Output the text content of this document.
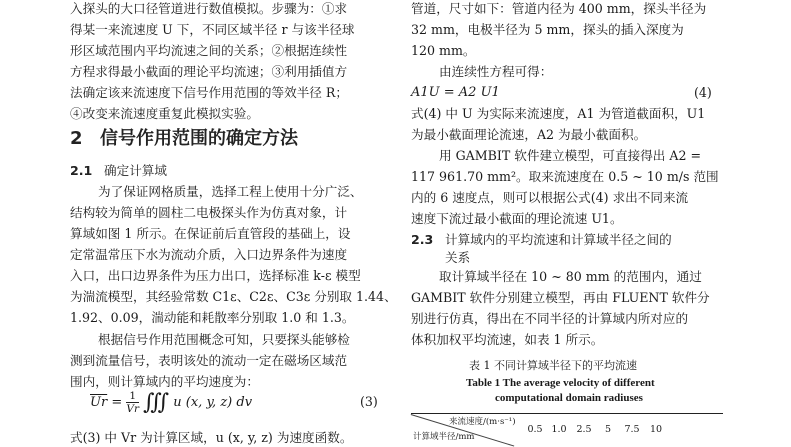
入探头的大口径管道进行数值模拟。步骤为：①求
得某一来流速度 U 下，不同区域半径 r 与该半径球
形区域范围内平均流速之间的关系；②根据连续性
方程求得最小截面的理论平均流速；③利用插值方
法确定该来流速度下信号作用范围的等效半径 R；
④改变来流速度重复此模拟实验。
2 信号作用范围的确定方法
2.1 确定计算域
为了保证网格质量，选择工程上使用十分广泛、
结构较为简单的圆柱二电极探头作为仿真对象，计
算域如图 1 所示。在保证前后直管段的基础上，设
定常温常压下水为流动介质，入口边界条件为速度
入口，出口边界条件为压力出口，选择标准 k-ε 模型
为湍流模型，其经验常数 C1ε、C2ε、C3ε 分别取 1.44、
1.92、0.09，湍动能和耗散率分别取 1.0 和 1.3。
根据信号作用范围概念可知，只要探头能够检
测到流量信号，表明该处的流动一定在磁场区域范
围内，则计算域内的平均速度为：
$\overline{Ur} = \frac{1}{Vr}$ ∭ u (x, y, z) dv	(3)
式(3) 中 Vr 为计算区域，u (x, y, z) 为速度函数。
管道，尺寸如下：管道内径为 400 mm，探头半径为
32 mm，电极半径为 5 mm，探头的插入深度为
120 mm。
由连续性方程可得：
A1U = A2 U1	(4)
式(4) 中 U 为实际来流速度，A1 为管道截面积，U1
为最小截面理论流速，A2 为最小截面积。
用 GAMBIT 软件建立模型，可直接得出 A2 =
117 961.70 mm²。取来流速度在 0.5 ~ 10 m/s 范围
内的 6 速度点，则可以根据公式(4) 求出不同来流
速度下流过最小截面的理论流速 U1。
2.3 计算域内的平均流速和计算域半径之间的
关系
取计算域半径在 10 ~ 80 mm 的范围内，通过
GAMBIT 软件分别建立模型，再由 FLUENT 软件分
别进行仿真，得出在不同半径的计算域内所对应的
体积加权平均流速，如表 1 所示。
表 1 不同计算域半径下的平均流速
Table 1 The average velocity of different
computational domain radiuses
来流速度/(m·s⁻¹)
计算域半径/mm
0.5 1.0	2.5	5	7.5	10
